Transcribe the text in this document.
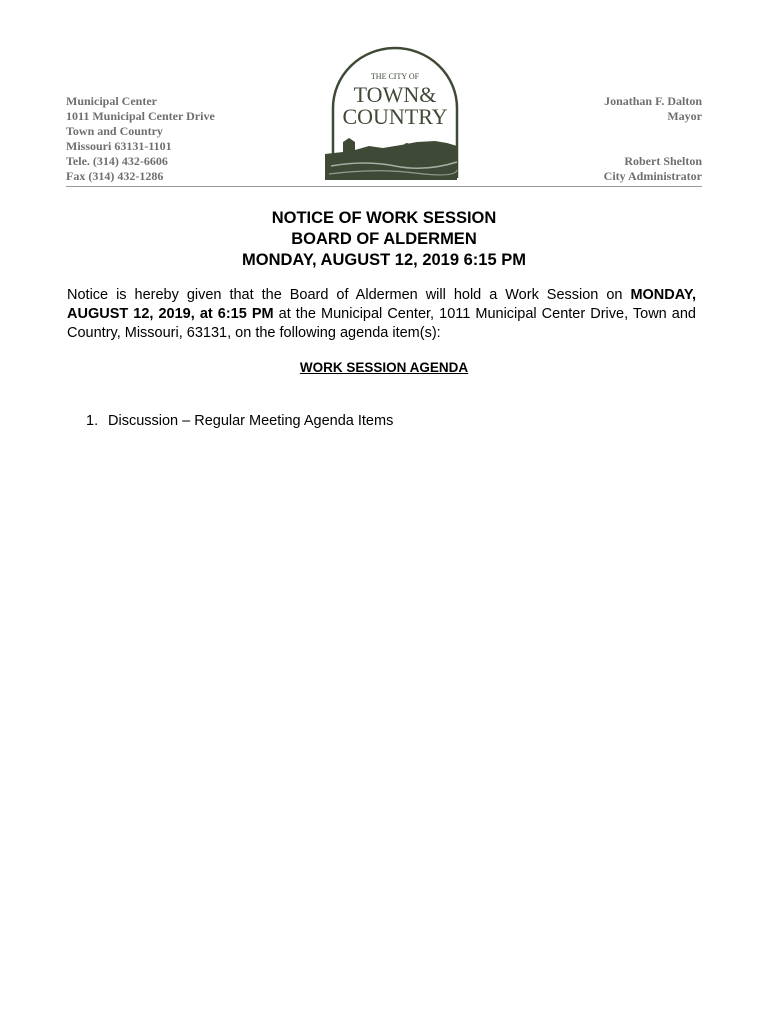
Municipal Center
1011 Municipal Center Drive
Town and Country
Missouri 63131-1101
Tele. (314) 432-6606
Fax (314) 432-1286
THE CITY OF
TOWN&
COUNTRY
Jonathan F. Dalton
Mayor
Robert Shelton
City Administrator
NOTICE OF WORK SESSION
BOARD OF ALDERMEN
MONDAY, AUGUST 12, 2019 6:15 PM
Notice is hereby given that the Board of Aldermen will hold a Work Session on MONDAY, AUGUST 12, 2019, at 6:15 PM at the Municipal Center, 1011 Municipal Center Drive, Town and Country, Missouri, 63131, on the following agenda item(s):
WORK SESSION AGENDA
1. Discussion – Regular Meeting Agenda Items
